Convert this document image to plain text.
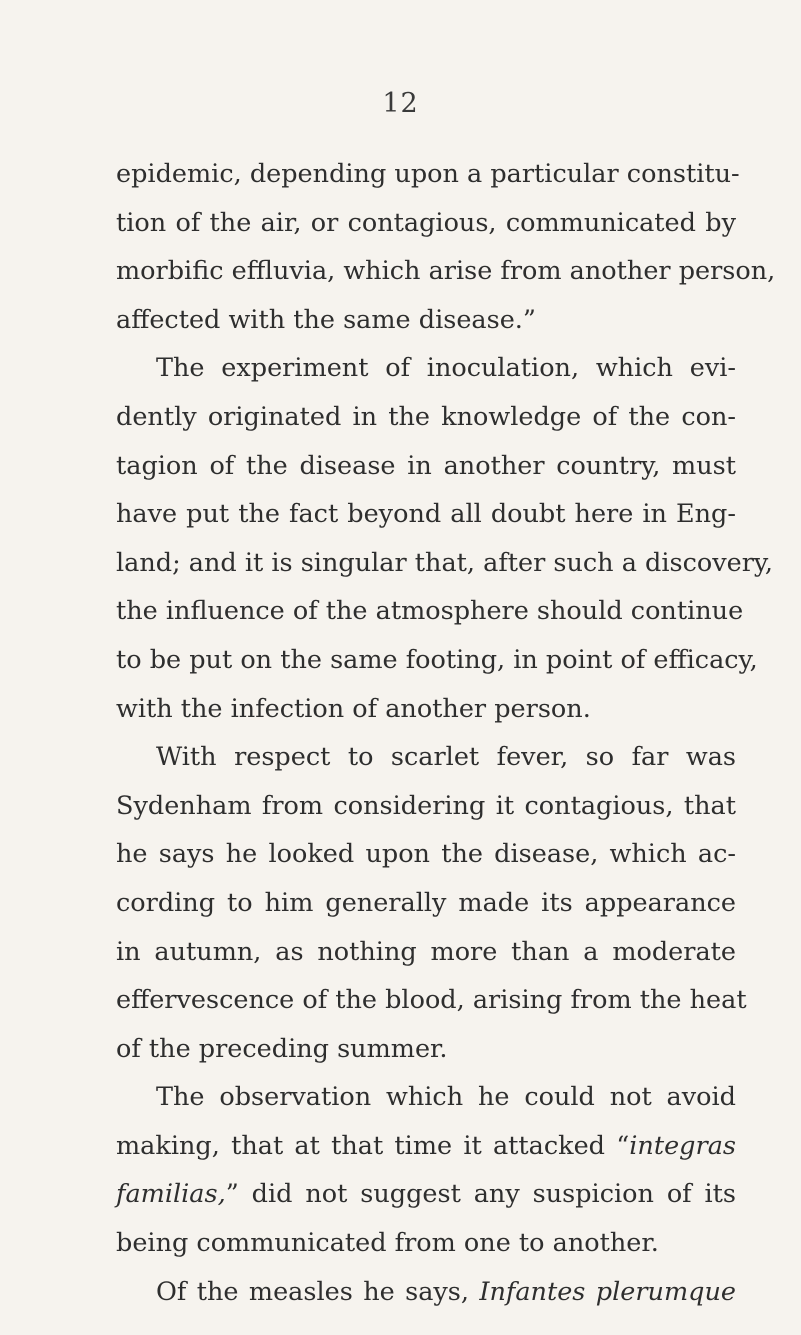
12
epidemic, depending upon a particular constitu-
tion of the air, or contagious, communicated by
morbific effluvia, which arise from another person,
affected with the same disease.”
The experiment of inoculation, which evi-
dently originated in the knowledge of the con-
tagion of the disease in another country, must
have put the fact beyond all doubt here in Eng-
land; and it is singular that, after such a discovery,
the influence of the atmosphere should continue
to be put on the same footing, in point of efficacy,
with the infection of another person.
With respect to scarlet fever, so far was
Sydenham from considering it contagious, that
he says he looked upon the disease, which ac-
cording to him generally made its appearance
in autumn, as nothing more than a moderate
effervescence of the blood, arising from the heat
of the preceding summer.
The observation which he could not avoid
making, that at that time it attacked “integras
familias,” did not suggest any suspicion of its
being communicated from one to another.
Of the measles he says, Infantes plerumque
